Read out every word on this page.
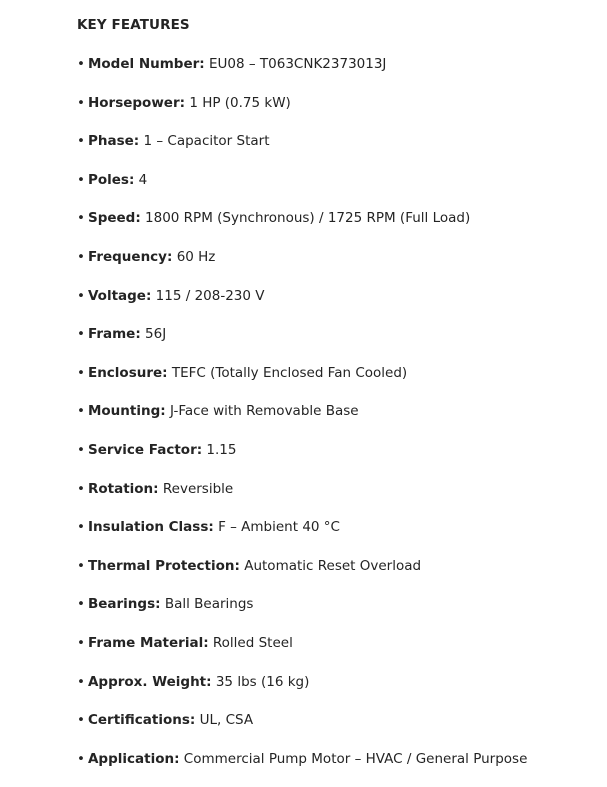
KEY FEATURES
• Model Number: EU08 – T063CNK2373013J
• Horsepower: 1 HP (0.75 kW)
• Phase: 1 – Capacitor Start
• Poles: 4
• Speed: 1800 RPM (Synchronous) / 1725 RPM (Full Load)
• Frequency: 60 Hz
• Voltage: 115 / 208-230 V
• Frame: 56J
• Enclosure: TEFC (Totally Enclosed Fan Cooled)
• Mounting: J-Face with Removable Base
• Service Factor: 1.15
• Rotation: Reversible
• Insulation Class: F – Ambient 40 °C
• Thermal Protection: Automatic Reset Overload
• Bearings: Ball Bearings
• Frame Material: Rolled Steel
• Approx. Weight: 35 lbs (16 kg)
• Certifications: UL, CSA
• Application: Commercial Pump Motor – HVAC / General Purpose
